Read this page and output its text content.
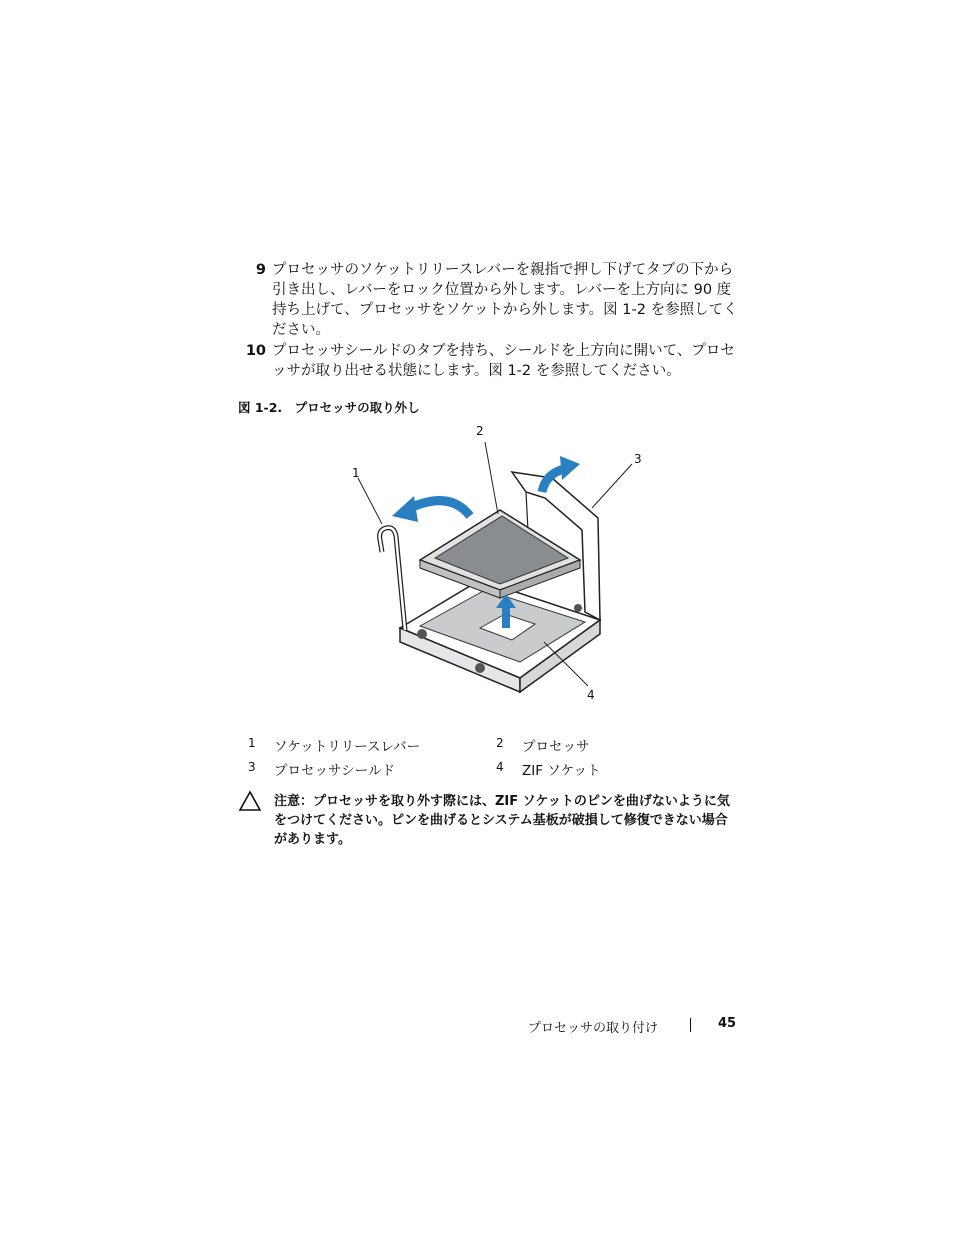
9 プロセッサのソケットリリースレバーを親指で押し下げてタブの下から引き出し、レバーをロック位置から外します。レバーを上方向に 90 度持ち上げて、プロセッサをソケットから外します。図 1-2 を参照してください。
10 プロセッサシールドのタブを持ち、シールドを上方向に開いて、プロセッサが取り出せる状態にします。図 1-2 を参照してください。
図 1-2.　プロセッサの取り外し
1
2
3
4
1 ソケットリリースレバー	2 プロセッサ
3 プロセッサシールド	4 ZIF ソケット
注意：プロセッサを取り外す際には、ZIF ソケットのピンを曲げないように気をつけてください。ピンを曲げるとシステム基板が破損して修復できない場合があります。
プロセッサの取り付け	45
